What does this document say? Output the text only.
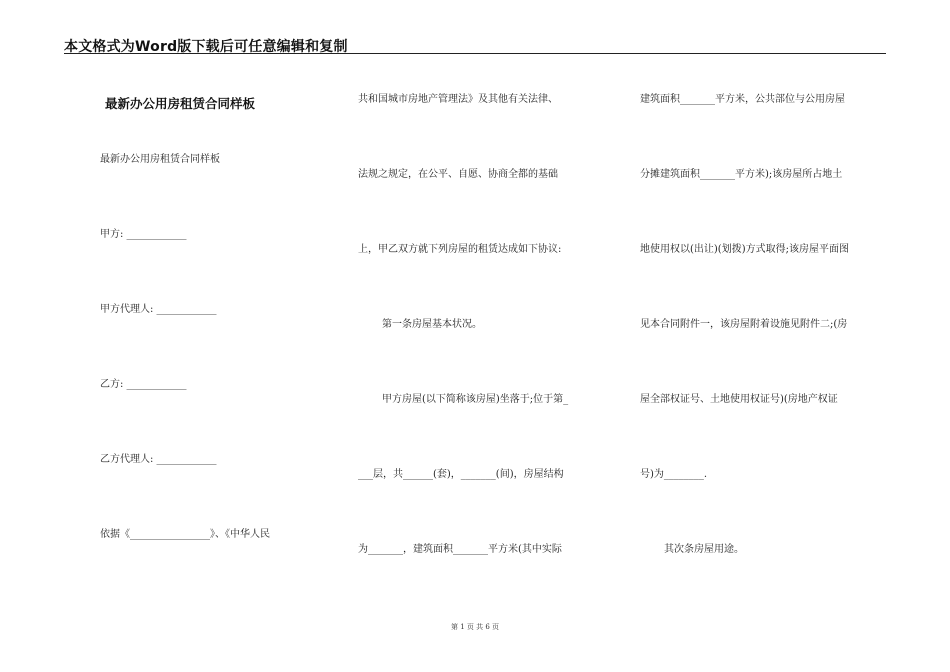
本文格式为Word版下载后可任意编辑和复制
最新办公用房租赁合同样板
最新办公用房租赁合同样板
甲方: ____________
甲方代理人: ____________
乙方: ____________
乙方代理人: ____________
依据《________________》、《中华人民
共和国城市房地产管理法》及其他有关法律、
法规之规定，在公平、自愿、协商全都的基础
上，甲乙双方就下列房屋的租赁达成如下协议:
第一条房屋基本状况。
甲方房屋(以下简称该房屋)坐落于;位于第_
___层，共______(套)，_______(间)，房屋结构
为_______，建筑面积_______平方米(其中实际
建筑面积_______平方米，公共部位与公用房屋
分摊建筑面积_______平方米);该房屋所占地土
地使用权以(出让)(划拨)方式取得;该房屋平面图
见本合同附件一，该房屋附着设施见附件二;(房
屋全部权证号、土地使用权证号)(房地产权证
号)为________.
其次条房屋用途。
第 1 页 共 6 页
